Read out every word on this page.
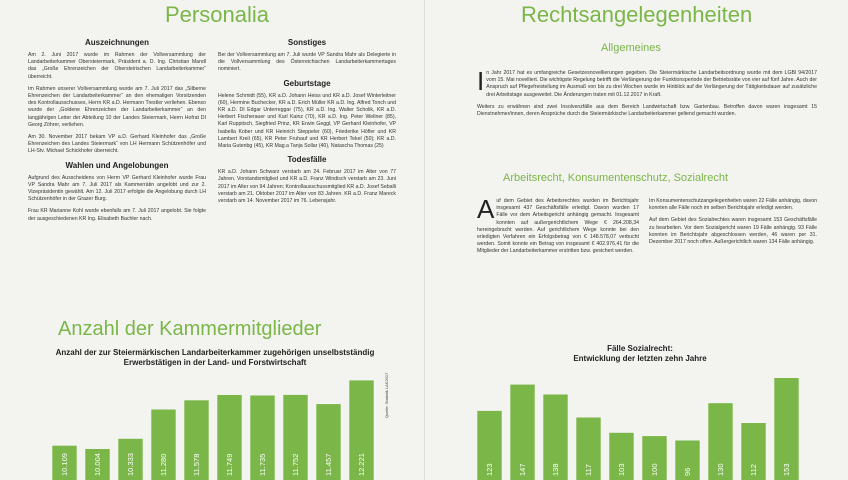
Personalia
Auszeichnungen

Am 2. Juni 2017 wurde im Rahmen der Vollversammlung der Landarbeiterkammer Obersteiermark, Präsident a. D. Ing. Christian Mandl das „Große Ehrenzeichen der Obersteirischen Landarbeiterkammer“ überreicht.

Im Rahmen unserer Vollversammlung wurde am 7. Juli 2017 das „Silberne Ehrenzeichen der Landarbeiterkammer“ an den ehemaligen Vorsitzenden des Kontrollausschusses, Herrn KR a.D. Hermann Trestler verliehen. Ebenso wurde der „Goldene Ehrenzeichen der Landarbeiterkammer“ an den langjährigen Leiter der Abteilung 10 der Landes Steiermark, Herrn Hofrat DI Georg Zöhrer, verliehen.

Am 30. November 2017 bekam VP a.D. Gerhard Kleinhofer das „Große Ehrenzeichen des Landes Steiermark“ von LH Hermann Schützenhöfer und LH-Stv. Michael Schickhofer überreicht.

Wahlen und Angelobungen

Aufgrund des Ausscheidens von Herrn VP Gerhard Kleinhofer wurde Frau VP Sandra Mahr am 7. Juli 2017 als Kammerrätin angelobt und zur 2. Vizepräsidentin gewählt. Am 12. Juli 2017 erfolgte die Angelobung durch LH Schützenhöfer in der Grazer Burg.

Frau KR Marianne Kohl wurde ebenfalls am 7. Juli 2017 angelobt. Sie folgte der ausgeschiedenen KR Ing. Elisabeth Bachler nach.

Sonstiges

Bei der Vollversammlung am 7. Juli wurde VP Sandra Mahr als Delegierte in die Vollversammlung des Österreichischen Landarbeiterkammertages nominiert.

Geburtstage

Helene Schmidt (55), KR a.D. Johann Heiss und KR a.D. Josef Winterleitner (60), Hermine Buchecker, KR a.D. Erich Müller KR a.D. Ing. Alfred Tonch und KR a.D. DI Edgar Unterreggar (75), KR a.D. Ing. Walter Scholik, KR a.D. Herbert Fischerauer und Karl Kainz (70), KR a.D. Ing. Peter Wellner (85), Karl Ruppitsch, Siegfried Prinz, KR Erwin Geggl, VP Gerhard Kleinhofer, VP Isabella Kober und KR Heinrich Steppeler (60), Friederike Höfler und KR Lambert Kreil (65), KR Peter Fruhauf und KR Herbert Tekel (50); KR a.D. Maria Gutenbg (45), KR Mag.a Tanja Sollar (40), Natascha Thomas (25)

Todesfälle

KR a.D. Johann Schwarz verstarb am 24. Februar 2017 im Alter von 77 Jahren. Vorstandsmitglied und KR a.D. Franz Windisch verstarb am 23. Juni 2017 im Alter von 94 Jahren; Kontrollausschussmitglied KR a.D. Josef Seballi verstarb am 21. Oktober 2017 im Alter von 83 Jahren. KR a.D. Franz Mareck verstarb am 14. November 2017 im 76. Lebensjahr.

Anzahl der Kammermitglieder
Anzahl der zur Steiermärkischen Landarbeiterkammer zugehörigen unselbstständig Erwerbstätigen in der Land- und Forstwirtschaft
10.109	10.004	10.333	11.280	11.578	11.749	11.735	11.752	11.457	12.221
Quelle: Statistik LAK2017
Rechtsangelegenheiten
Allgemeines

In Jahr 2017 hat es umfangreiche Gesetzesnovellierungen gegeben. Die Steiermärkische Landarbeitsordnung wurde mit dem LGBl 94/2017 vom 15. Mai novelliert. Die wichtigste Regelung betrifft die Verlängerung der Funktionsperiode der Betriebsräte von vier auf fünf Jahre. Auch der Anspruch auf Pflegefreistellung im Ausmaß von bis zu drei Wochen wurde im Hinblick auf die Verlängerung der Tätigkeitsdauer auf zusätzliche drei Arbeitstage ausgeweitet. Die Änderungen traten mit 01.12.2017 in Kraft.

Weiters zu erwähnen sind zwei Insolvenzfälle aus dem Bereich Landwirtschaft bzw. Gartenbau. Betroffen davon waren insgesamt 15 Dienstnehmer/innen, deren Ansprüche durch die Steiermärkische Landarbeiterkammer geltend gemacht wurden.

Arbeitsrecht, Konsumentenschutz, Sozialrecht

Auf dem Gebiet des Arbeitsrechtes wurden im Berichtsjahr insgesamt 437 Geschäftsfälle erledigt. Davon wurden 17 Fälle vor dem Arbeitsgericht anhängig gemacht. Insgesamt konnten auf außergerichtlichem Wege € 264.208,34 hereingebracht werden. Auf gerichtlichem Wege konnte bei den erledigten Verfahren ein Erfolgsbetrag von € 148.578,07 verbucht werden. Somit konnte ein Betrag von insgesamt € 402.976,41 für die Mitglieder der Landarbeiterkammer erstritten bzw. gesichert werden.

Im Konsumentenschutzangelegenheiten waren 22 Fälle anhängig, davon konnten alle Fälle noch im selben Berichtsjahr erledigt werden.

Auf dem Gebiet des Sozialrechtes waren insgesamt 153 Geschäftsfälle zu bearbeiten. Vor dem Sozialgericht waren 19 Fälle anhängig. 93 Fälle konnten im Berichtsjahr abgeschlossen werden, 46 waren per 31. Dezember 2017 noch offen. Außergerichtlich waren 134 Fälle anhängig.

Fälle Sozialrecht:
Entwicklung der letzten zehn Jahre
123	147	138	117	103	100	96	130	112	153
